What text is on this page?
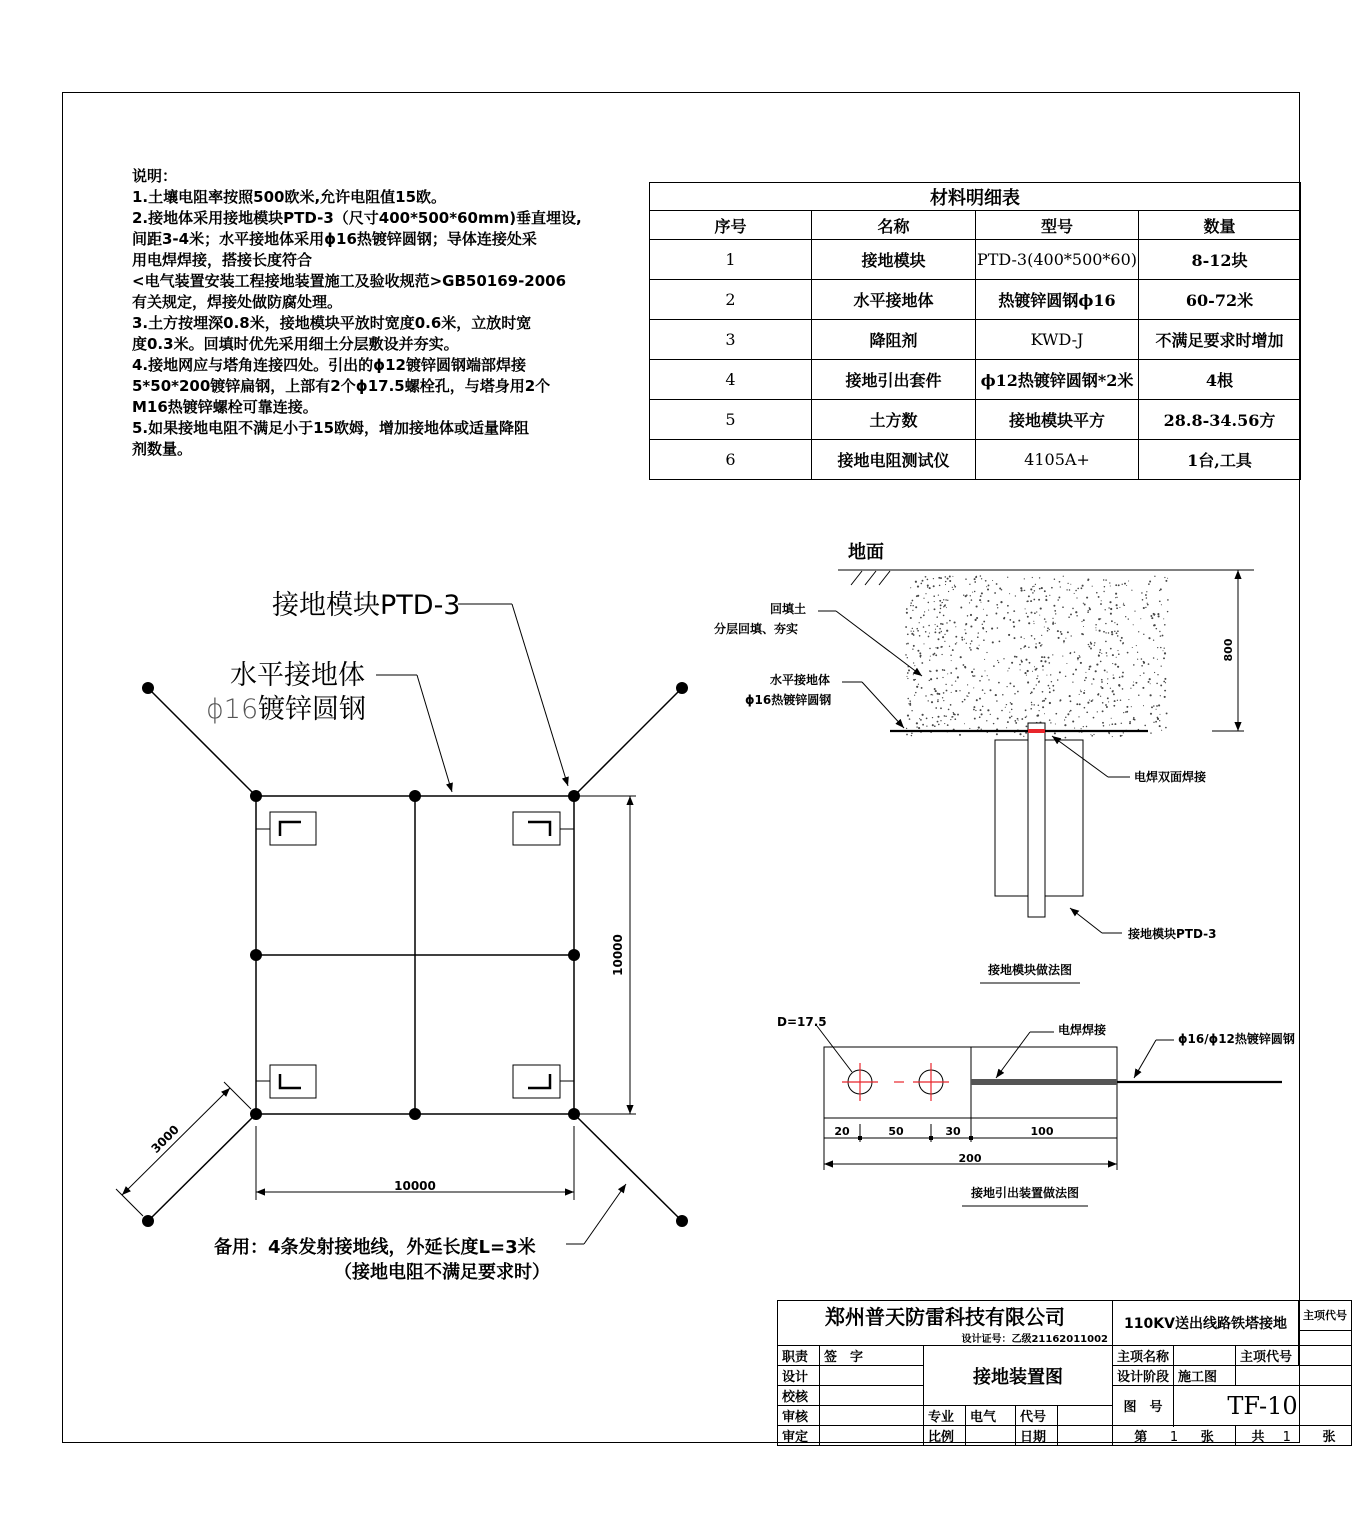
说明：
1.土壤电阻率按照500欧米,允许电阻值15欧。
2.接地体采用接地模块PTD-3（尺寸400*500*60mm)垂直埋设,
间距3-4米；水平接地体采用ϕ16热镀锌圆钢；导体连接处采
用电焊焊接，搭接长度符合
<电气装置安装工程接地装置施工及验收规范>GB50169-2006
有关规定，焊接处做防腐处理。
3.土方按埋深0.8米，接地模块平放时宽度0.6米，立放时宽
度0.3米。回填时优先采用细土分层敷设并夯实。
4.接地网应与塔角连接四处。引出的ϕ12镀锌圆钢端部焊接
5*50*200镀锌扁钢，上部有2个ϕ17.5螺栓孔，与塔身用2个
M16热镀锌螺栓可靠连接。
5.如果接地电阻不满足小于15欧姆，增加接地体或适量降阻
剂数量。
材料明细表			
序号	名称	型号	数量
1	接地模块	PTD-3(400*500*60)	8-12块
2	水平接地体	热镀锌圆钢ϕ16	60-72米
3	降阻剂	KWD-J	不满足要求时增加
4	接地引出套件	ϕ12热镀锌圆钢*2米	4根
5	土方数	接地模块平方	28.8-34.56方
6	接地电阻测试仪	4105A+	1台,工具
10000
10000
3000
接地模块PTD-3
水平接地体
ϕ16 镀锌圆钢
备用：4条发射接地线，外延长度L=3米
（接地电阻不满足要求时）
地面
800
回填土
分层回填、夯实
水平接地体
ϕ16热镀锌圆钢
电焊双面焊接
接地模块PTD-3
接地模块做法图
D=17.5
电焊焊接
ϕ16/ϕ12热镀锌圆钢
20	50	30	100
200
接地引出装置做法图
郑州普天防雷科技有限公司						110KV送出线路铁塔接地			主项代号
设计证号：乙级21162011002									
职责	签　字	接地装置图				主项名称		主项代号	
设计						设计阶段	施工图		
校核						图　号	TF-10		
审核		专业	电气	代号					

审定		比例		日期		第 1 张		共 1 张	
